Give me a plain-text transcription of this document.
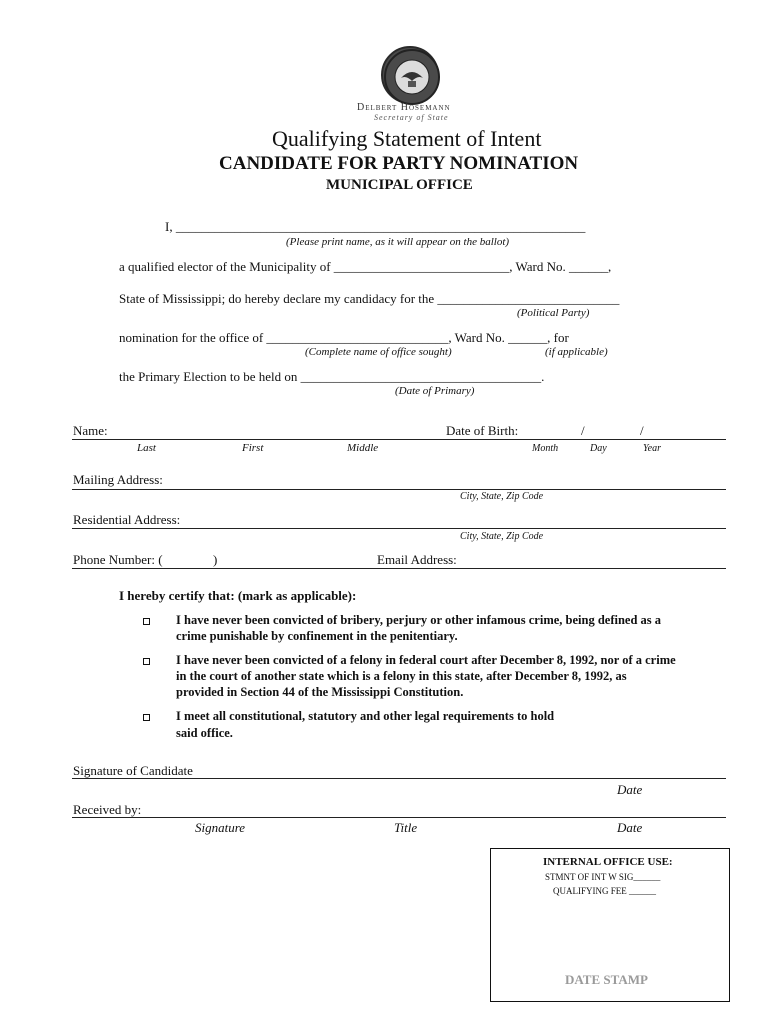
Delbert Hosemann
Secretary of State
Qualifying Statement of Intent
CANDIDATE FOR PARTY NOMINATION
MUNICIPAL OFFICE
I, _______________________________________________________________
(Please print name, as it will appear on the ballot)
a qualified elector of the Municipality of ___________________________, Ward No. ______,
State of Mississippi; do hereby declare my candidacy for the ____________________________
(Political Party)
nomination for the office of ____________________________, Ward No. ______, for
(Complete name of office sought)	(if applicable)
the Primary Election to be held on _____________________________________.
(Date of Primary)
Name:	Date of Birth:	/	/
Last	First	Middle	Month	Day	Year
Mailing Address:
City, State, Zip Code
Residential Address:
City, State, Zip Code
Phone Number: (	)	Email Address:
I hereby certify that: (mark as applicable):
I have never been convicted of bribery, perjury or other infamous crime, being defined as a
crime punishable by confinement in the penitentiary.
I have never been convicted of a felony in federal court after December 8, 1992, nor of a crime
in the court of another state which is a felony in this state, after December 8, 1992, as
provided in Section 44 of the Mississippi Constitution.
I meet all constitutional, statutory and other legal requirements to hold
said office.
Signature of Candidate
Date
Received by:
Signature	Title	Date
INTERNAL OFFICE USE:
STMNT OF INT W SIG______
QUALIFYING FEE ______
DATE STAMP
